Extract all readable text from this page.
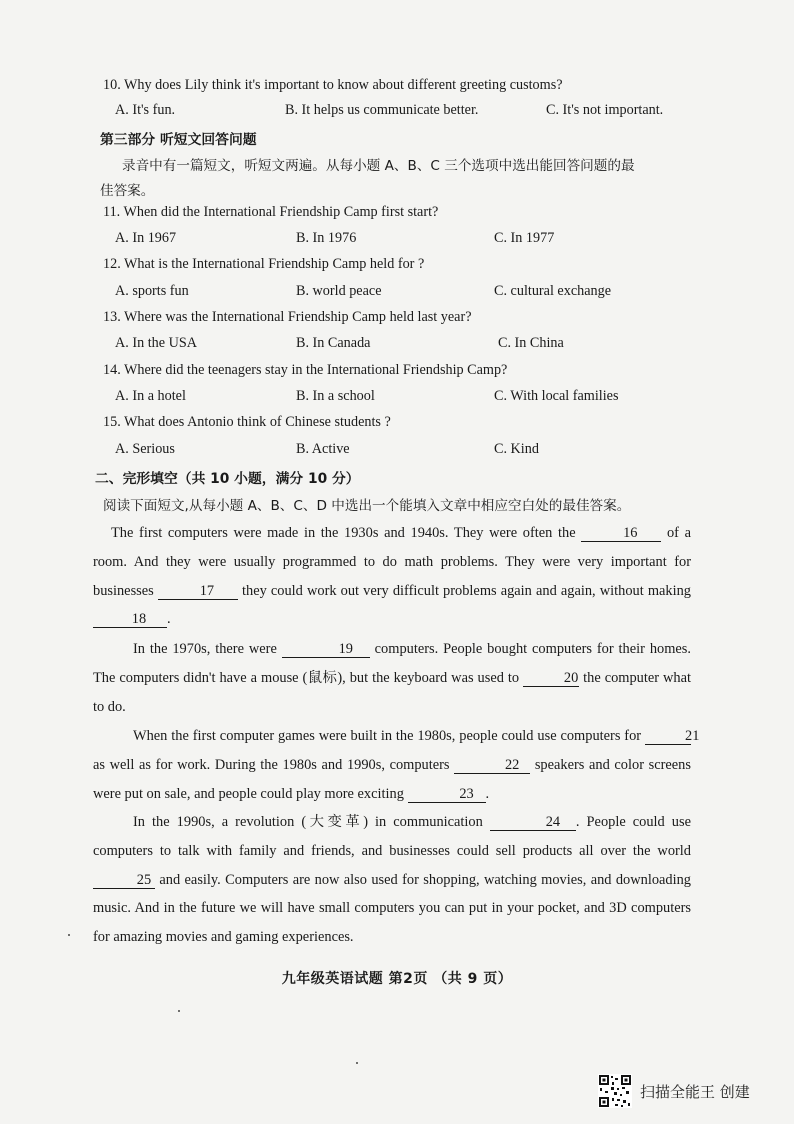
10. Why does Lily think it's important to know about different greeting customs?
A. It's fun.	B. It helps us communicate better.	C. It's not important.
第三部分 听短文回答问题
录音中有一篇短文，听短文两遍。从每小题 A、B、C 三个选项中选出能回答问题的最
佳答案。
11. When did the International Friendship Camp first start?
A. In 1967	B. In 1976	C. In 1977
12. What is the International Friendship Camp held for ?
A. sports fun	B. world peace	C. cultural exchange
13. Where was the International Friendship Camp held last year?
A. In the USA	B. In Canada	C. In China
14. Where did the teenagers stay in the International Friendship Camp?
A. In a hotel	B. In a school	C. With local families
15. What does Antonio think of Chinese students ?
A. Serious	B. Active	C. Kind
二、完形填空（共 10 小题，满分 10 分）
阅读下面短文,从每小题 A、B、C、D 中选出一个能填入文章中相应空白处的最佳答案。
The first computers were made in the 1930s and 1940s. They were often the	16 of a room. And they were usually programmed to do math problems. They were very important for businesses	17 they could work out very difficult problems again and again, without making 18 .
In the 1970s, there were	19 computers. People bought computers for their homes. The computers didn't have a mouse (鼠标), but the keyboard was used to	20 the computer what to do.
When the first computer games were built in the 1980s, people could use computers for	21 as well as for work. During the 1980s and 1990s, computers	22 speakers and color screens were put on sale, and people could play more exciting	23 .
In the 1990s, a revolution (大变革) in communication	24 . People could use computers to talk with family and friends, and businesses could sell products all over the world 25 and easily. Computers are now also used for shopping, watching movies, and downloading music. And in the future we will have small computers you can put in your pocket, and 3D computers for amazing movies and gaming experiences.
九年级英语试题 第2页 （共 9 页）
扫描全能王 创建
